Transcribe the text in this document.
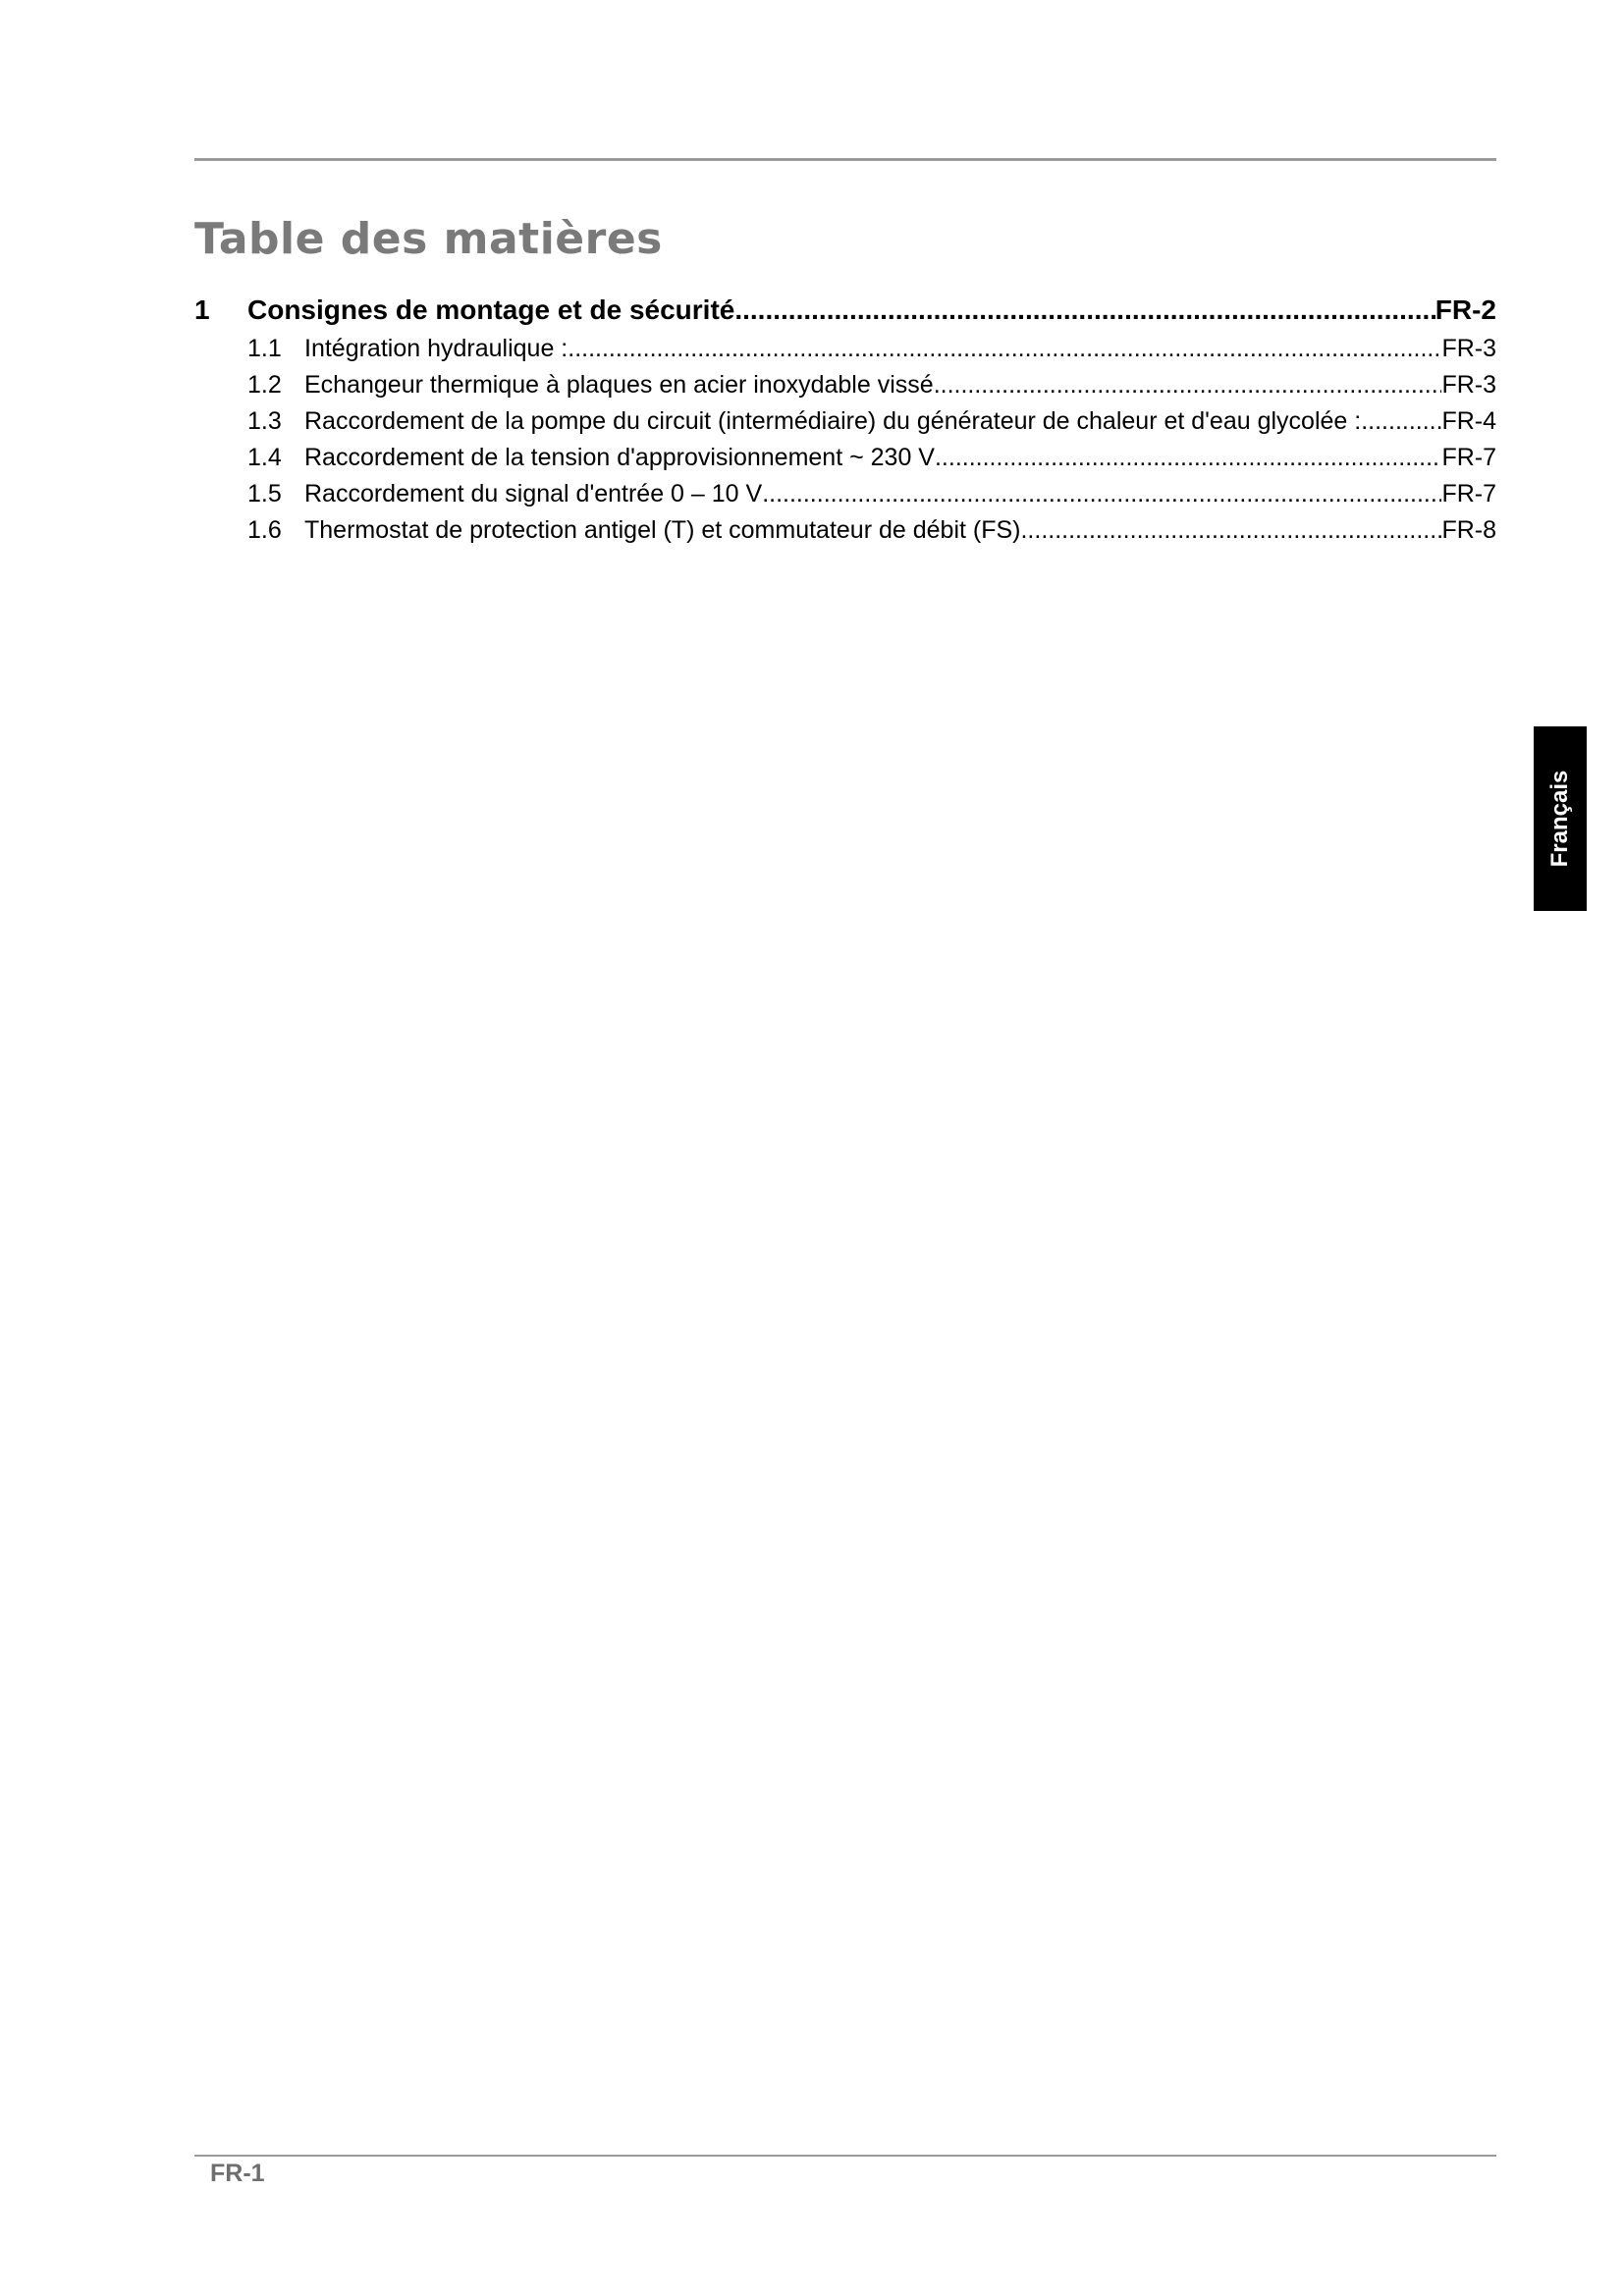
Table des matières
1	Consignes de montage et de sécurité .....	FR-2
1.1 Intégration hydraulique : .....	FR-3
1.2 Echangeur thermique à plaques en acier inoxydable vissé .....	FR-3
1.3 Raccordement de la pompe du circuit (intermédiaire) du générateur de chaleur et d'eau glycolée : .....	FR-4
1.4 Raccordement de la tension d'approvisionnement ~ 230 V .....	FR-7
1.5 Raccordement du signal d'entrée 0 – 10 V .....	FR-7
1.6 Thermostat de protection antigel (T) et commutateur de débit (FS) .....	FR-8
Français
FR-1
